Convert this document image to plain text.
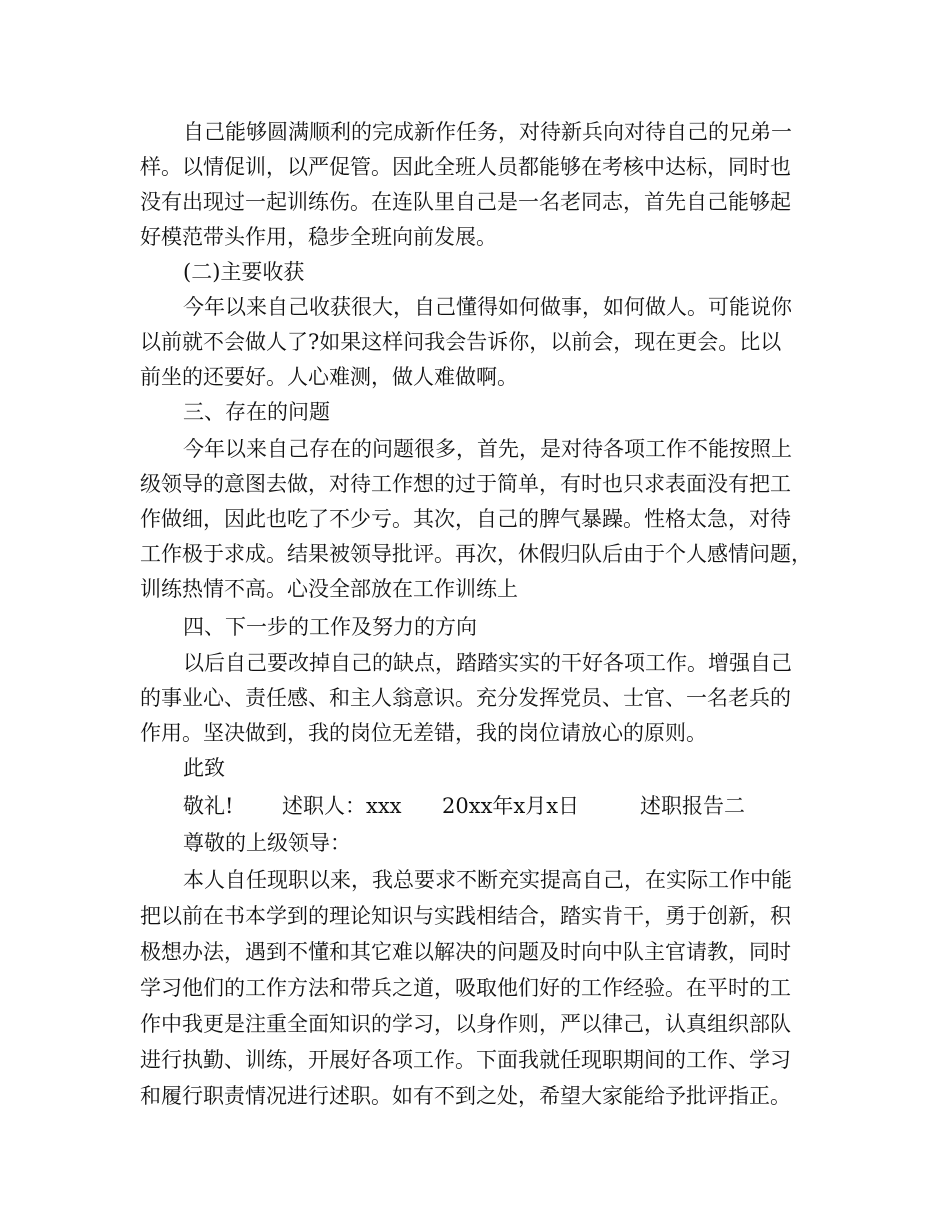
自己能够圆满顺利的完成新作任务，对待新兵向对待自己的兄弟一
样。以情促训，以严促管。因此全班人员都能够在考核中达标，同时也
没有出现过一起训练伤。在连队里自己是一名老同志，首先自己能够起
好模范带头作用，稳步全班向前发展。
(二)主要收获
今年以来自己收获很大，自己懂得如何做事，如何做人。可能说你
以前就不会做人了?如果这样问我会告诉你，以前会，现在更会。比以
前坐的还要好。人心难测，做人难做啊。
三、存在的问题
今年以来自己存在的问题很多，首先，是对待各项工作不能按照上
级领导的意图去做，对待工作想的过于简单，有时也只求表面没有把工
作做细，因此也吃了不少亏。其次，自己的脾气暴躁。性格太急，对待
工作极于求成。结果被领导批评。再次，休假归队后由于个人感情问题，
训练热情不高。心没全部放在工作训练上
四、下一步的工作及努力的方向
以后自己要改掉自己的缺点，踏踏实实的干好各项工作。增强自己
的事业心、责任感、和主人翁意识。充分发挥党员、士官、一名老兵的
作用。坚决做到，我的岗位无差错，我的岗位请放心的原则。
此致
敬礼! 述职人：xxx 20xx年x月x日	述职报告二
尊敬的上级领导：
本人自任现职以来，我总要求不断充实提高自己，在实际工作中能
把以前在书本学到的理论知识与实践相结合，踏实肯干，勇于创新，积
极想办法，遇到不懂和其它难以解决的问题及时向中队主官请教，同时
学习他们的工作方法和带兵之道，吸取他们好的工作经验。在平时的工
作中我更是注重全面知识的学习，以身作则，严以律己，认真组织部队
进行执勤、训练，开展好各项工作。下面我就任现职期间的工作、学习
和履行职责情况进行述职。如有不到之处，希望大家能给予批评指正。
